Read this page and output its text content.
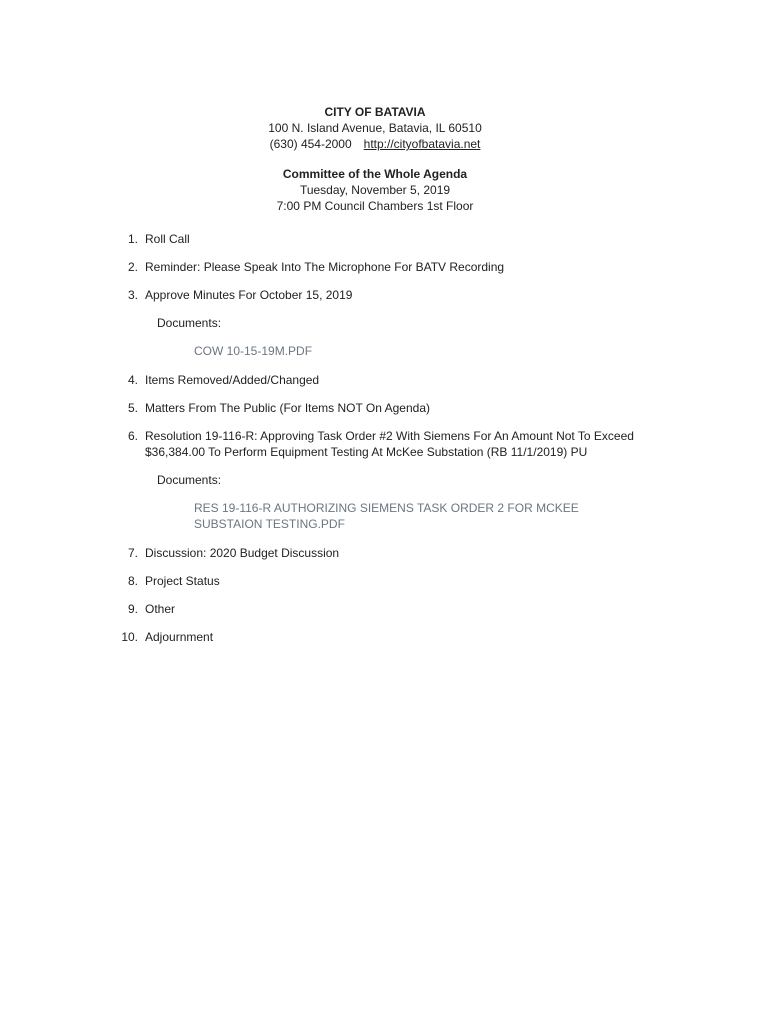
CITY OF BATAVIA
100 N. Island Avenue, Batavia, IL 60510
(630) 454-2000 http://cityofbatavia.net
Committee of the Whole Agenda
Tuesday, November 5, 2019
7:00 PM Council Chambers 1st Floor
1. Roll Call
2. Reminder: Please Speak Into The Microphone For BATV Recording
3. Approve Minutes For October 15, 2019
Documents:
COW 10-15-19M.PDF
4. Items Removed/Added/Changed
5. Matters From The Public (For Items NOT On Agenda)
6. Resolution 19-116-R: Approving Task Order #2 With Siemens For An Amount Not To Exceed $36,384.00 To Perform Equipment Testing At McKee Substation (RB 11/1/2019) PU
Documents:
RES 19-116-R AUTHORIZING SIEMENS TASK ORDER 2 FOR MCKEE SUBSTAION TESTING.PDF
7. Discussion: 2020 Budget Discussion
8. Project Status
9. Other
10. Adjournment
